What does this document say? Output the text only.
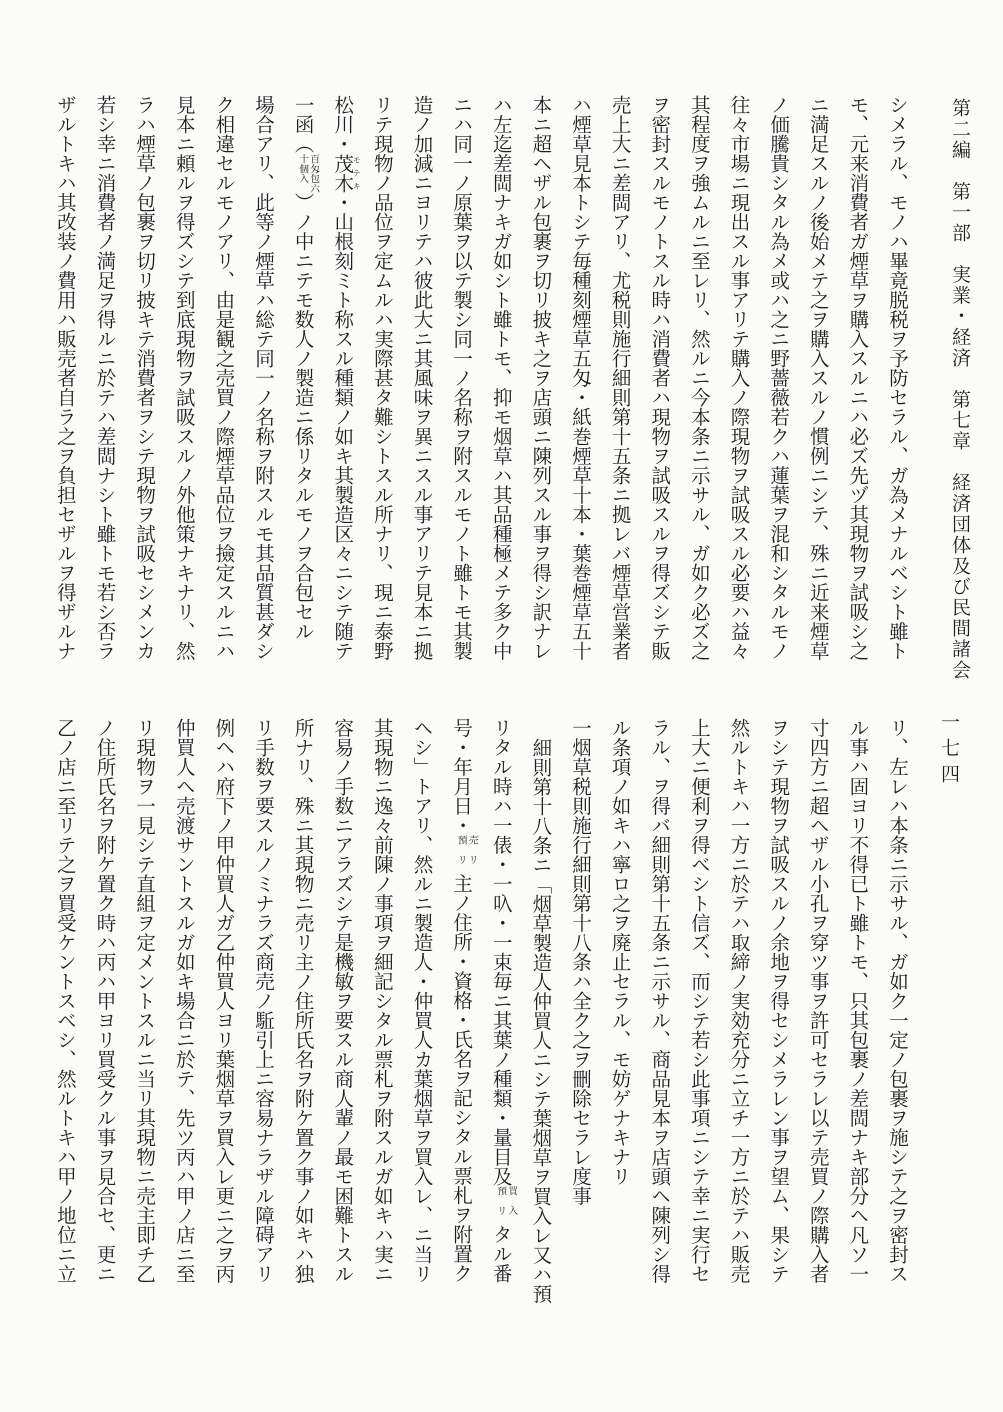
第二編　第一部　実業・経済　第七章　経済団体及び民間諸会
一七四
シメラル、モノハ畢竟脱税ヲ予防セラル、ガ為メナルベシト雖ト
モ、元来消費者ガ煙草ヲ購入スルニハ必ズ先ヅ其現物ヲ試吸シ之
ニ満足スルノ後始メテ之ヲ購入スルノ慣例ニシテ、殊ニ近来煙草
ノ価騰貴シタル為メ或ハ之ニ野薔薇若クハ蓮葉ヲ混和シタルモノ
往々市場ニ現出スル事アリテ購入ノ際現物ヲ試吸スル必要ハ益々
其程度ヲ強ムルニ至レリ、然ルニ今本条ニ示サル、ガ如ク必ズ之
ヲ密封スルモノトスル時ハ消費者ハ現物ヲ試吸スルヲ得ズシテ販
売上大ニ差閊アリ、尤税則施行細則第十五条ニ拠レバ煙草営業者
ハ煙草見本トシテ毎種刻煙草五匁・紙巻煙草十本・葉巻煙草五十
本ニ超ヘザル包裹ヲ切リ披キ之ヲ店頭ニ陳列スル事ヲ得シ訳ナレ
ハ左迄差閊ナキガ如シト雖トモ、抑モ烟草ハ其品種極メテ多ク中
ニハ同一ノ原葉ヲ以テ製シ同一ノ名称ヲ附スルモノト雖トモ其製
造ノ加減ニヨリテハ彼此大ニ其風味ヲ異ニスル事アリテ見本ニ拠
リテ現物ノ品位ヲ定ムルハ実際甚タ難シトスル所ナリ、現ニ泰野
松川・茂木モテキ・山根刻ミト称スル種類ノ如キ其製造区々ニシテ随テ
一函（
百匁包六
十個入
）ノ中ニテモ数人ノ製造ニ係リタルモノヲ合包セル
場合アリ、此等ノ煙草ハ総テ同一ノ名称ヲ附スルモ其品質甚ダシ
ク相違セルモノアリ、由是観之売買ノ際煙草品位ヲ撿定スルニハ
見本ニ頼ルヲ得ズシテ到底現物ヲ試吸スルノ外他策ナキナリ、然
ラハ煙草ノ包裹ヲ切リ披キテ消費者ヲシテ現物ヲ試吸セシメンカ
若シ幸ニ消費者ノ満足ヲ得ルニ於テハ差閊ナシト雖トモ若シ否ラ
ザルトキハ其改装ノ費用ハ販売者自ラ之ヲ負担セザルヲ得ザルナ
リ、左レハ本条ニ示サル、ガ如ク一定ノ包裹ヲ施シテ之ヲ密封ス
ル事ハ固ヨリ不得已ト雖トモ、只其包裹ノ差閊ナキ部分ヘ凡ソ一
寸四方ニ超ヘザル小孔ヲ穿ツ事ヲ許可セラレ以テ売買ノ際購入者
ヲシテ現物ヲ試吸スルノ余地ヲ得セシメラレン事ヲ望ム、果シテ
然ルトキハ一方ニ於テハ取締ノ実効充分ニ立チ一方ニ於テハ販売
上大ニ便利ヲ得ベシト信ズ、而シテ若シ此事項ニシテ幸ニ実行セ
ラル、ヲ得バ細則第十五条ニ示サル、商品見本ヲ店頭ヘ陳列シ得
ル条項ノ如キハ寧ロ之ヲ廃止セラル、モ妨ゲナキナリ
一烟草税則施行細則第十八条ハ全ク之ヲ刪除セラレ度事
細則第十八条ニ「烟草製造人仲買人ニシテ葉烟草ヲ買入レ又ハ預
リタル時ハ一俵・一叺・一束毎ニ其葉ノ種類・量目及
買入
預リ
タル番
号・年月日・
売リ
預リ
主ノ住所・資格・氏名ヲ記シタル票札ヲ附置ク
ヘシ」トアリ、然ルニ製造人・仲買人カ葉烟草ヲ買入レ、ニ当リ
其現物ニ逸々前陳ノ事項ヲ細記シタル票札ヲ附スルガ如キハ実ニ
容易ノ手数ニアラズシテ是機敏ヲ要スル商人輩ノ最モ困難トスル
所ナリ、殊ニ其現物ニ売リ主ノ住所氏名ヲ附ケ置ク事ノ如キハ独
リ手数ヲ要スルノミナラズ商売ノ駈引上ニ容易ナラザル障碍アリ
例ヘハ府下ノ甲仲買人ガ乙仲買人ヨリ葉烟草ヲ買入レ更ニ之ヲ丙
仲買人ヘ売渡サントスルガ如キ場合ニ於テ、先ツ丙ハ甲ノ店ニ至
リ現物ヲ一見シテ直組ヲ定メントスルニ当リ其現物ニ売主即チ乙
ノ住所氏名ヲ附ケ置ク時ハ丙ハ甲ヨリ買受クル事ヲ見合セ、更ニ
乙ノ店ニ至リテ之ヲ買受ケントスベシ、然ルトキハ甲ノ地位ニ立
